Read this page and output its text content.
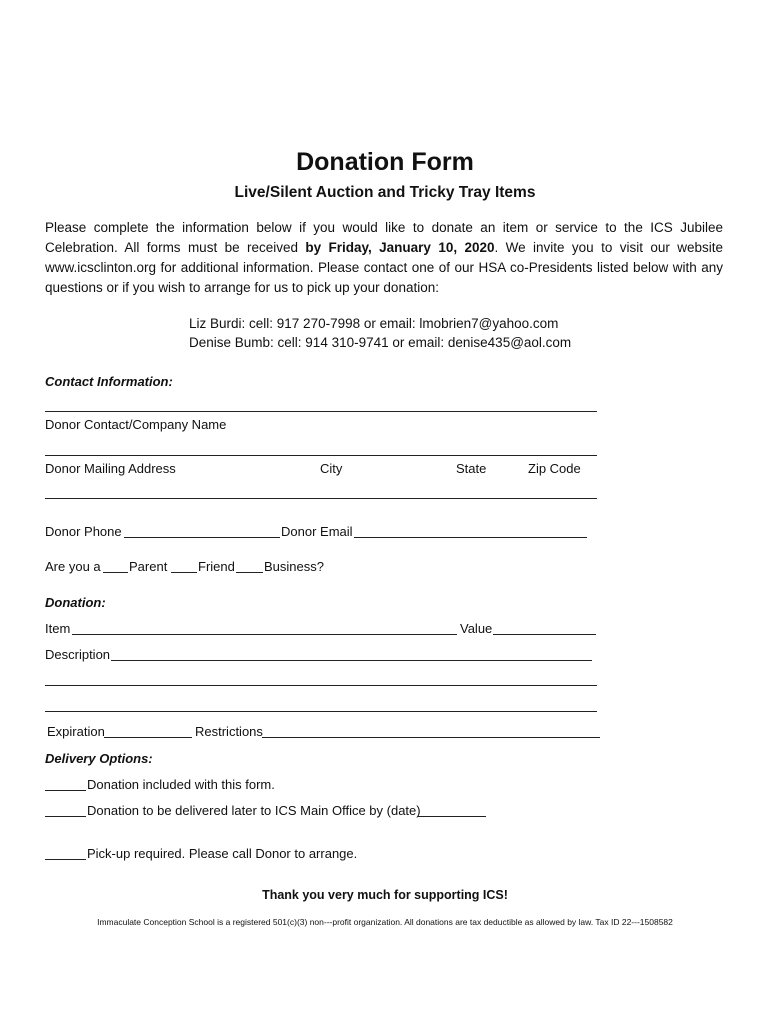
Donation Form
Live/Silent Auction and Tricky Tray Items
Please complete the information below if you would like to donate an item or service to the ICS Jubilee Celebration. All forms must be received by Friday, January 10, 2020. We invite you to visit our website www.icsclinton.org for additional information. Please contact one of our HSA co-Presidents listed below with any questions or if you wish to arrange for us to pick up your donation:
Liz Burdi: cell: 917 270-7998 or email: lmobrien7@yahoo.com
Denise Bumb: cell: 914 310-9741 or email: denise435@aol.com
Contact Information:
Donor Contact/Company Name
Donor Mailing Address	City	State	Zip Code
Donor Phone	Donor Email
Are you a Parent Friend Business?
Donation:
Item	Value
Description
Expiration	Restrictions
Delivery Options:
Donation included with this form.
Donation to be delivered later to ICS Main Office by (date)
Pick-up required. Please call Donor to arrange.
Thank you very much for supporting ICS!
Immaculate Conception School is a registered 501(c)(3) non---profit organization. All donations are tax deductible as allowed by law. Tax ID 22---1508582
